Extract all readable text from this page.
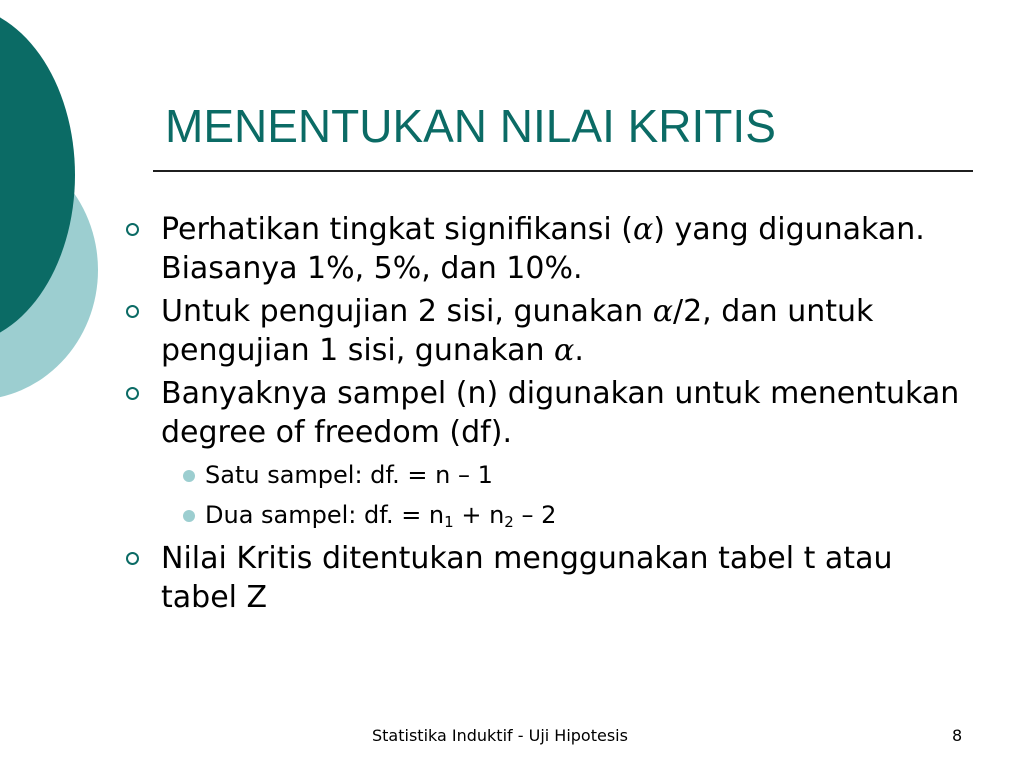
MENENTUKAN NILAI KRITIS
Perhatikan tingkat signifikansi (α) yang digunakan. Biasanya 1%, 5%, dan 10%.
Untuk pengujian 2 sisi, gunakan α/2, dan untuk pengujian 1 sisi, gunakan α.
Banyaknya sampel (n) digunakan untuk menentukan degree of freedom (df).
Satu sampel: df. = n – 1
Dua sampel: df. = $n_1 + n_2 - 2$
Nilai Kritis ditentukan menggunakan tabel t atau tabel Z
Statistika Induktif - Uji Hipotesis	8
